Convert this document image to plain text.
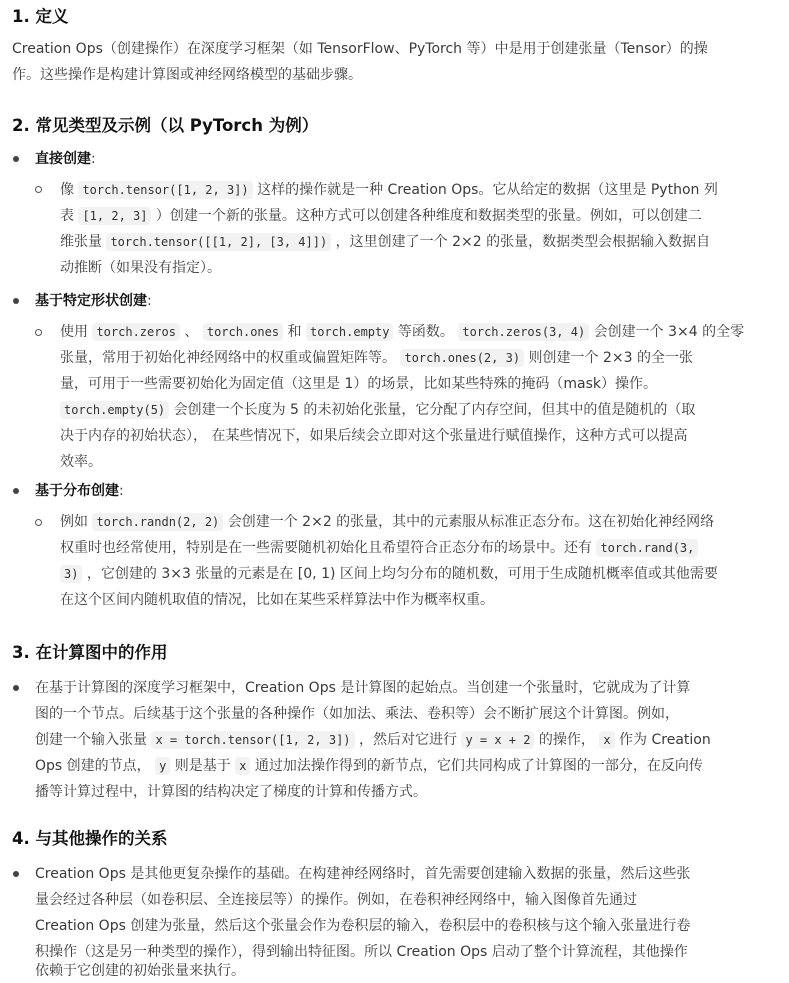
1. 定义
Creation Ops（创建操作）在深度学习框架（如 TensorFlow、PyTorch 等）中是用于创建张量（Tensor）的操
作。这些操作是构建计算图或神经网络模型的基础步骤。
2. 常见类型及示例（以 PyTorch 为例）
直接创建:
像 torch.tensor([1, 2, 3]) 这样的操作就是一种 Creation Ops。它从给定的数据（这里是 Python 列
表 [1, 2, 3] ）创建一个新的张量。这种方式可以创建各种维度和数据类型的张量。例如，可以创建二
维张量 torch.tensor([[1, 2], [3, 4]]) ，这里创建了一个 2×2 的张量，数据类型会根据输入数据自
动推断（如果没有指定）。
基于特定形状创建:
使用 torch.zeros 、 torch.ones 和 torch.empty 等函数。 torch.zeros(3, 4) 会创建一个 3×4 的全零
张量，常用于初始化神经网络中的权重或偏置矩阵等。 torch.ones(2, 3) 则创建一个 2×3 的全一张
量，可用于一些需要初始化为固定值（这里是 1）的场景，比如某些特殊的掩码（mask）操作。
torch.empty(5) 会创建一个长度为 5 的未初始化张量，它分配了内存空间，但其中的值是随机的（取
决于内存的初始状态）， 在某些情况下，如果后续会立即对这个张量进行赋值操作，这种方式可以提高
效率。
基于分布创建:
例如 torch.randn(2, 2) 会创建一个 2×2 的张量，其中的元素服从标准正态分布。这在初始化神经网络
权重时也经常使用，特别是在一些需要随机初始化且希望符合正态分布的场景中。还有 torch.rand(3,
3) ，它创建的 3×3 张量的元素是在 [0, 1) 区间上均匀分布的随机数，可用于生成随机概率值或其他需要
在这个区间内随机取值的情况，比如在某些采样算法中作为概率权重。
3. 在计算图中的作用
在基于计算图的深度学习框架中，Creation Ops 是计算图的起始点。当创建一个张量时，它就成为了计算
图的一个节点。后续基于这个张量的各种操作（如加法、乘法、卷积等）会不断扩展这个计算图。例如，
创建一个输入张量 x = torch.tensor([1, 2, 3]) ，然后对它进行 y = x + 2 的操作， x 作为 Creation
Ops 创建的节点， y 则是基于 x 通过加法操作得到的新节点，它们共同构成了计算图的一部分，在反向传
播等计算过程中，计算图的结构决定了梯度的计算和传播方式。
4. 与其他操作的关系
Creation Ops 是其他更复杂操作的基础。在构建神经网络时，首先需要创建输入数据的张量，然后这些张
量会经过各种层（如卷积层、全连接层等）的操作。例如，在卷积神经网络中，输入图像首先通过
Creation Ops 创建为张量，然后这个张量会作为卷积层的输入，卷积层中的卷积核与这个输入张量进行卷
积操作（这是另一种类型的操作），得到输出特征图。所以 Creation Ops 启动了整个计算流程，其他操作
依赖于它创建的初始张量来执行。
